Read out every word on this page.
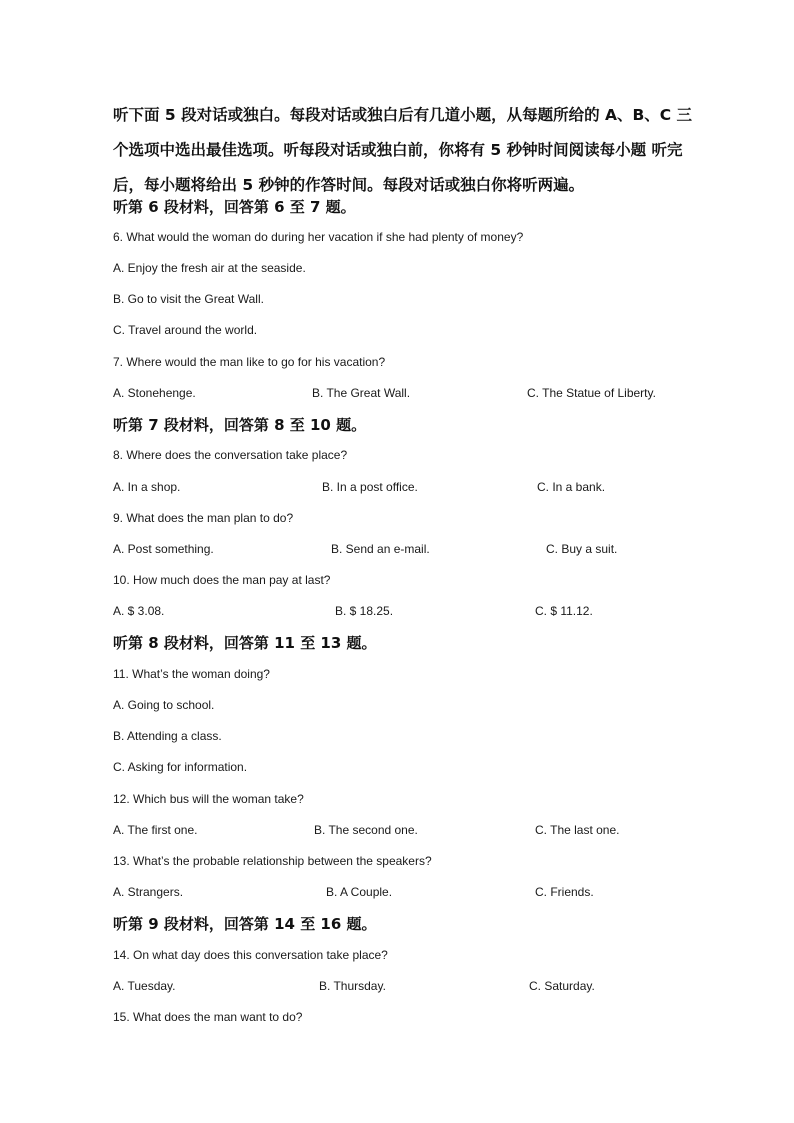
听下面 5 段对话或独白。每段对话或独白后有几道小题，从每题所给的 A、B、C 三
个选项中选出最佳选项。听每段对话或独白前，你将有 5 秒钟时间阅读每小题 听完
后，每小题将给出 5 秒钟的作答时间。每段对话或独白你将听两遍。
听第 6 段材料，回答第 6 至 7 题。
6. What would the woman do during her vacation if she had plenty of money?
A. Enjoy the fresh air at the seaside.
B. Go to visit the Great Wall.
C. Travel around the world.
7. Where would the man like to go for his vacation?
A. Stonehenge.	B. The Great Wall.	C. The Statue of Liberty.
听第 7 段材料，回答第 8 至 10 题。
8. Where does the conversation take place?
A. In a shop.	B. In a post office.	C. In a bank.
9. What does the man plan to do?
A. Post something.	B. Send an e-mail.	C. Buy a suit.
10. How much does the man pay at last?
A. $ 3.08.	B. $ 18.25.	C. $ 11.12.
听第 8 段材料，回答第 11 至 13 题。
11. What’s the woman doing?
A. Going to school.
B. Attending a class.
C. Asking for information.
12. Which bus will the woman take?
A. The first one.	B. The second one.	C. The last one.
13. What’s the probable relationship between the speakers?
A. Strangers.	B. A Couple.	C. Friends.
听第 9 段材料，回答第 14 至 16 题。
14. On what day does this conversation take place?
A. Tuesday.	B. Thursday.	C. Saturday.
15. What does the man want to do?
